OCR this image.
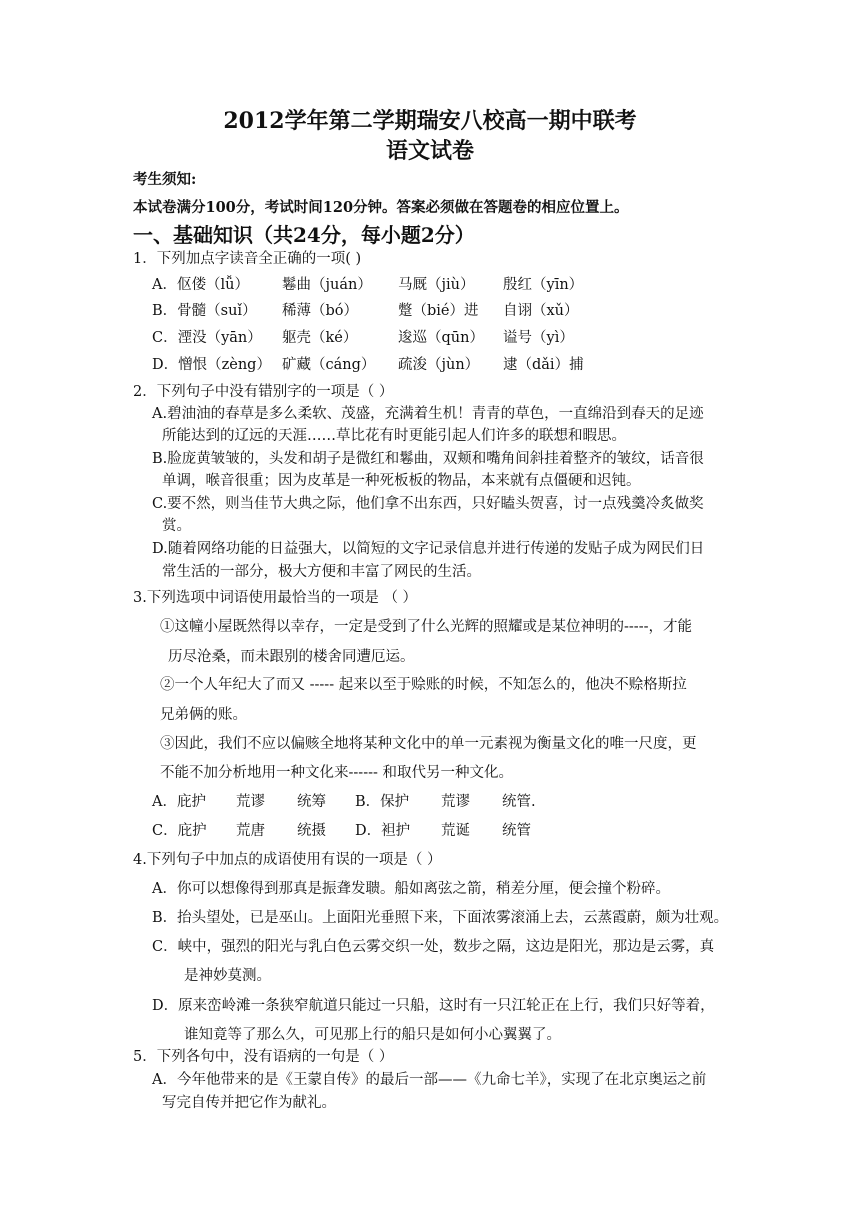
2012学年第二学期瑞安八校高一期中联考
语文试卷
考生须知:
本试卷满分100分，考试时间120分钟。答案必须做在答题卷的相应位置上。
一、基础知识（共24分，每小题2分）
1．下列加点字读音全正确的一项( )
A．伛偻（lǚ） 鬈曲（juán） 马厩（jiù） 殷红（yīn）
B．骨髓（suǐ） 稀薄（bó）	蹩（bié）进 自诩（xǔ）
C．湮没（yān） 躯壳（ké）	逡巡（qūn） 谥号（yì）
D．憎恨（zèng） 矿藏（cáng） 疏浚（jùn） 逮（dǎi）捕
2．下列句子中没有错别字的一项是（ ）
A.碧油油的春草是多么柔软、茂盛，充满着生机！青青的草色，一直绵沿到春天的足迹
所能达到的辽远的天涯……草比花有时更能引起人们许多的联想和暇思。
B.脸庞黄皱皱的，头发和胡子是微红和鬈曲，双颊和嘴角间斜挂着整齐的皱纹，话音很
单调，喉音很重；因为皮革是一种死板板的物品，本来就有点僵硬和迟钝。
C.要不然，则当佳节大典之际，他们拿不出东西，只好瞌头贺喜，讨一点残羹冷炙做奖
赏。
D.随着网络功能的日益强大，以简短的文字记录信息并进行传递的发贴子成为网民们日
常生活的一部分，极大方便和丰富了网民的生活。
3.下列选项中词语使用最恰当的一项是 （ ）
①这幢小屋既然得以幸存，一定是受到了什么光辉的照耀或是某位神明的-----，才能
历尽沧桑，而未跟别的楼舍同遭厄运。
②一个人年纪大了而又 ----- 起来以至于赊账的时候，不知怎么的，他决不赊格斯拉
兄弟俩的账。
③因此，我们不应以偏赅全地将某种文化中的单一元素视为衡量文化的唯一尺度，更
不能不加分析地用一种文化来------ 和取代另一种文化。
A．庇护 荒谬 统筹 B．保护 荒谬 统管.
C．庇护 荒唐 统摄 D．袒护 荒诞 统管
4.下列句子中加点的成语使用有误的一项是（ ）
A．你可以想像得到那真是振聋发聩。船如离弦之箭，稍差分厘，便会撞个粉碎。
B．抬头望处，已是巫山。上面阳光垂照下来，下面浓雾滚涌上去，云蒸霞蔚，颇为壮观。
C．峡中，强烈的阳光与乳白色云雾交织一处，数步之隔，这边是阳光，那边是云雾，真
是神妙莫测。
D．原来峦岭滩一条狭窄航道只能过一只船，这时有一只江轮正在上行，我们只好等着，
谁知竟等了那么久，可见那上行的船只是如何小心翼翼了。
5．下列各句中，没有语病的一句是（ ）
A．今年他带来的是《王蒙自传》的最后一部——《九命七羊》，实现了在北京奥运之前
写完自传并把它作为献礼。
